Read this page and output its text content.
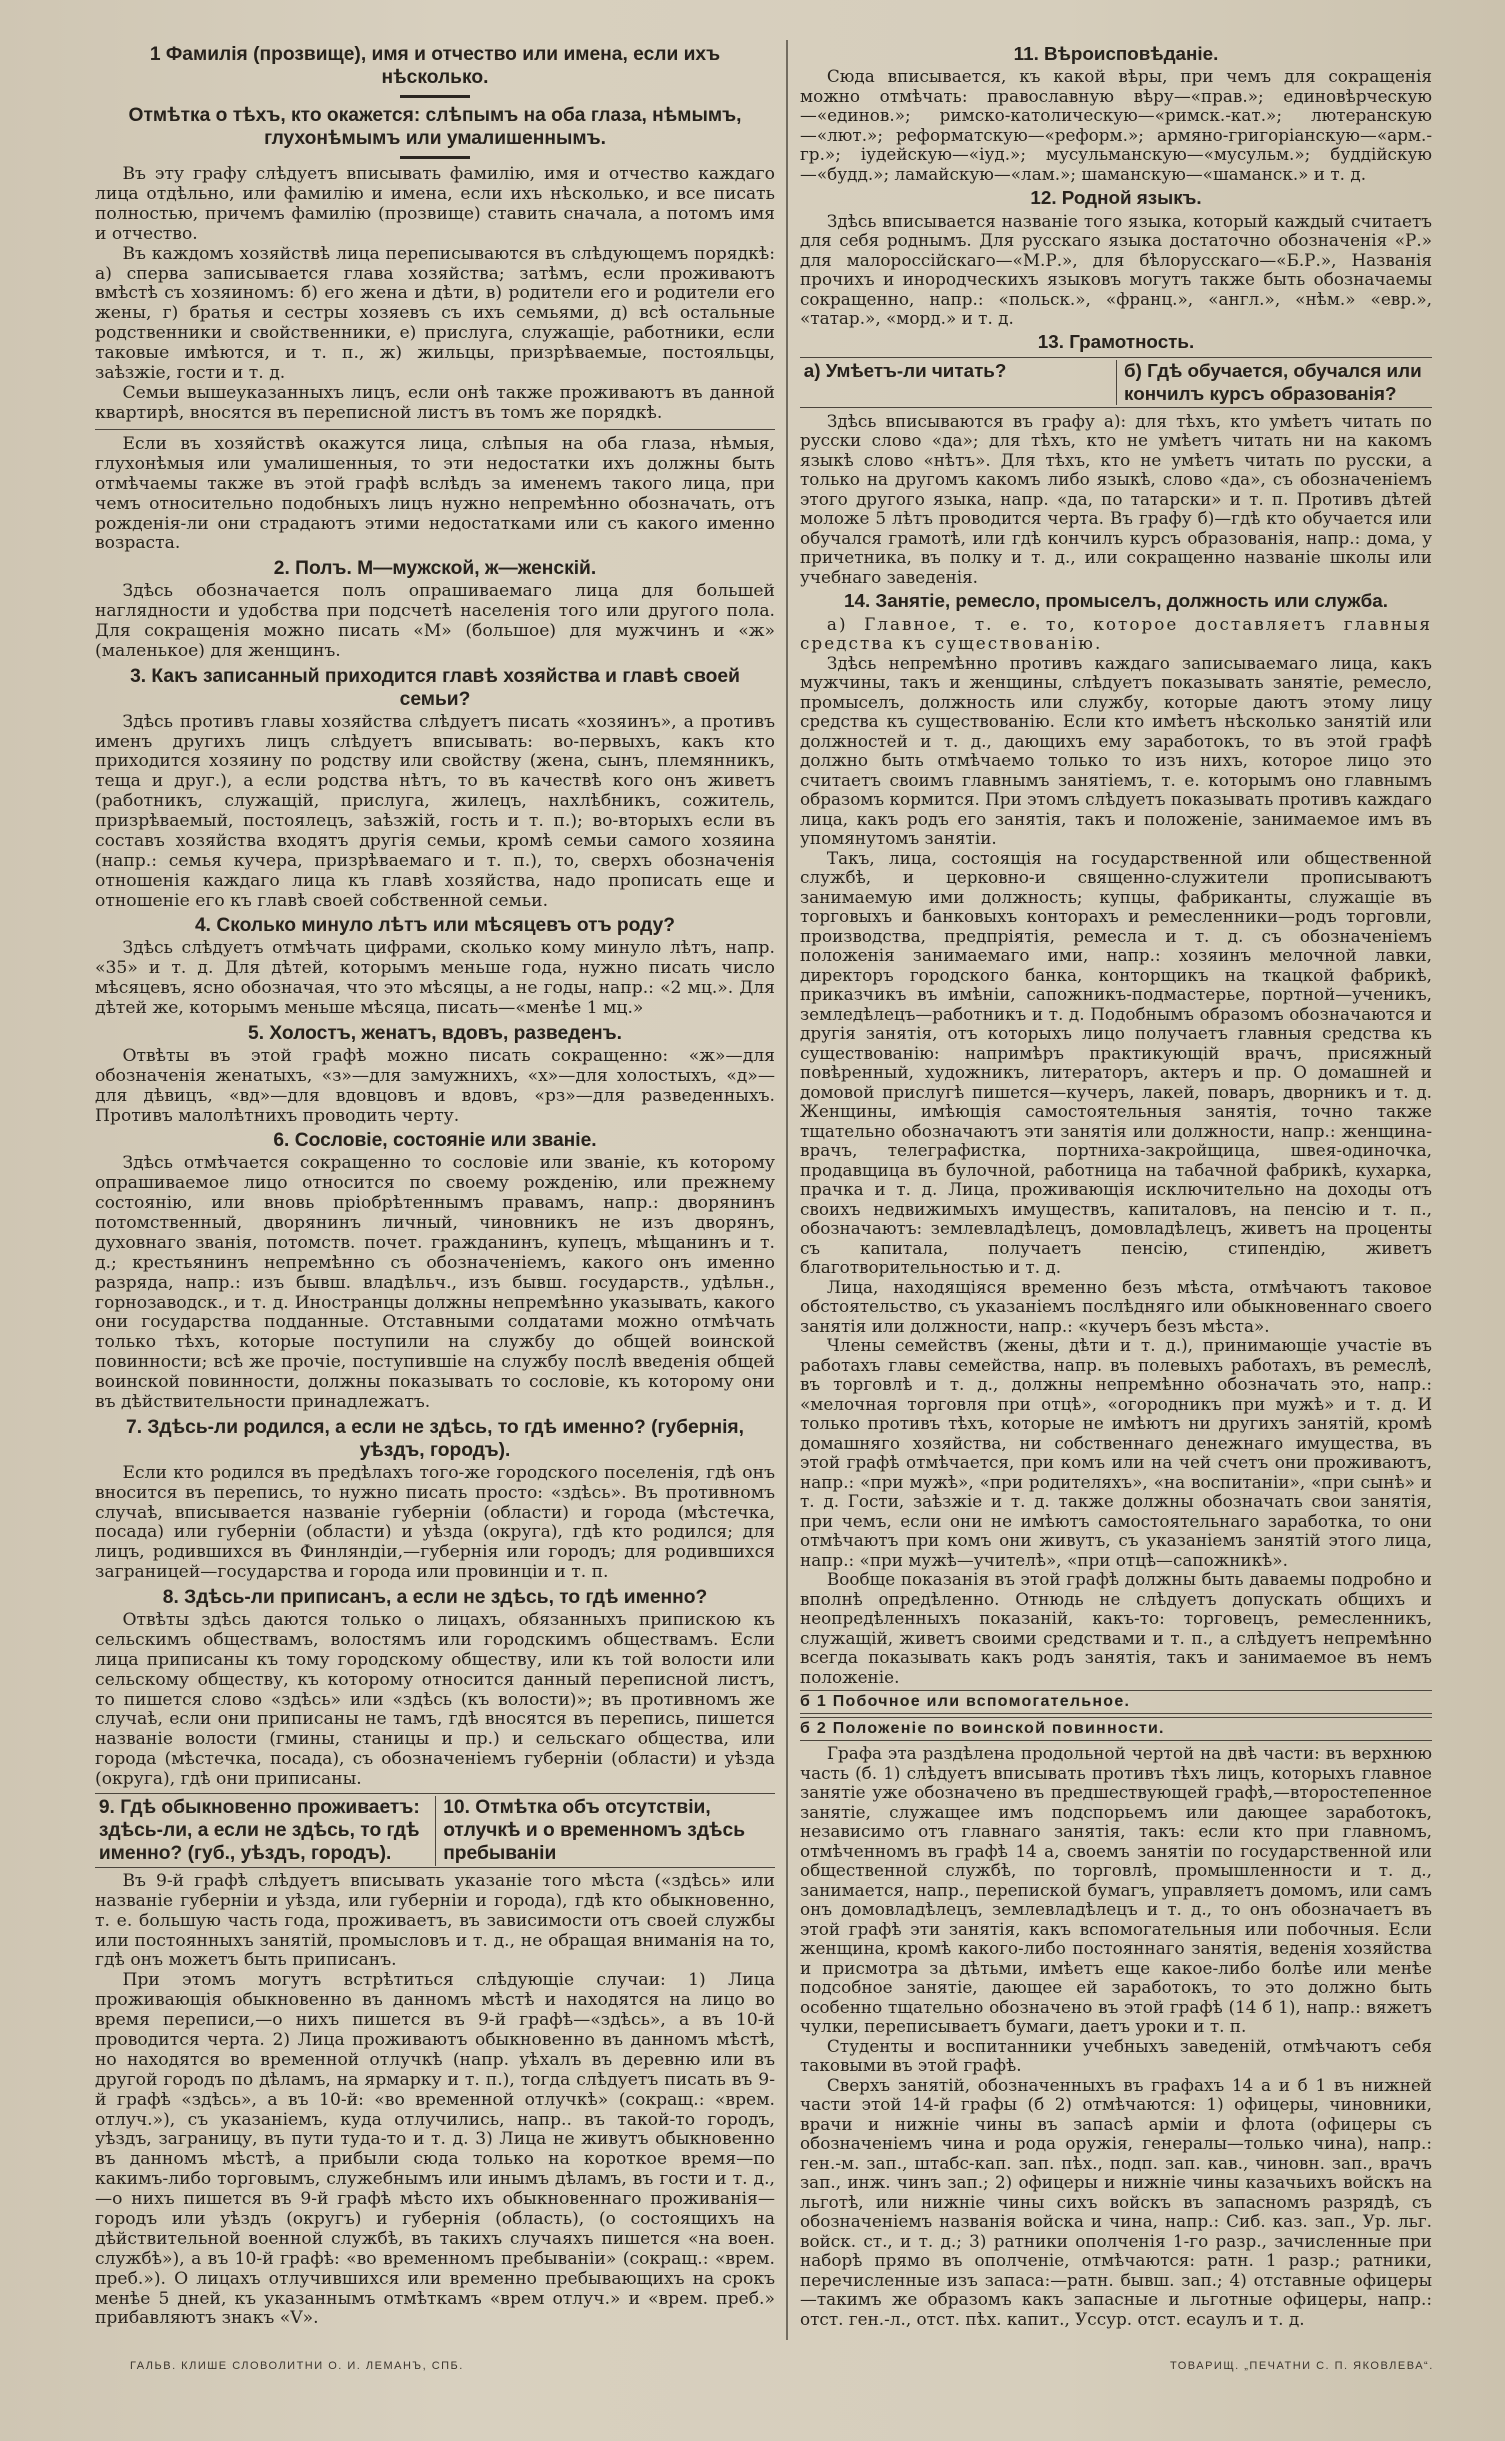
1 Фамилія (прозвище), имя и отчество или имена, если ихъ нѣсколько.
Отмѣтка о тѣхъ, кто окажется: слѣпымъ на оба глаза, нѣмымъ, глухонѣмымъ или умалишеннымъ.

Въ эту графу слѣдуетъ вписывать фамилію, имя и отчество каждаго лица отдѣльно, или фамилію и имена, если ихъ нѣсколько, и все писать полностью, причемъ фамилію (прозвище) ставить сначала, а потомъ имя и отчество.

Въ каждомъ хозяйствѣ лица переписываются въ слѣдующемъ порядкѣ: а) сперва записывается глава хозяйства; затѣмъ, если проживаютъ вмѣстѣ съ хозяиномъ: б) его жена и дѣти, в) родители его и родители его жены, г) братья и сестры хозяевъ съ ихъ семьями, д) всѣ остальные родственники и свойственники, е) прислуга, служащіе, работники, если таковые имѣются, и т. п., ж) жильцы, призрѣваемые, постояльцы, заѣзжіе, гости и т. д.

Семьи вышеуказанныхъ лицъ, если онѣ также проживаютъ въ данной квартирѣ, вносятся въ переписной листъ въ томъ же порядкѣ.

Если въ хозяйствѣ окажутся лица, слѣпыя на оба глаза, нѣмыя, глухонѣмыя или умалишенныя, то эти недостатки ихъ должны быть отмѣчаемы также въ этой графѣ вслѣдъ за именемъ такого лица, при чемъ относительно подобныхъ лицъ нужно непремѣнно обозначать, отъ рожденія-ли они страдаютъ этими недостатками или съ какого именно возраста.

2. Полъ. М—мужской, ж—женскій.

Здѣсь обозначается полъ опрашиваемаго лица для большей наглядности и удобства при подсчетѣ населенія того или другого пола. Для сокращенія можно писать «М» (большое) для мужчинъ и «ж» (маленькое) для женщинъ.

3. Какъ записанный приходится главѣ хозяйства и главѣ своей семьи?

Здѣсь противъ главы хозяйства слѣдуетъ писать «хозяинъ», а противъ именъ другихъ лицъ слѣдуетъ вписывать: во-первыхъ, какъ кто приходится хозяину по родству или свойству (жена, сынъ, племянникъ, теща и друг.), а если родства нѣтъ, то въ качествѣ кого онъ живетъ (работникъ, служащій, прислуга, жилецъ, нахлѣбникъ, сожитель, призрѣваемый, постоялецъ, заѣзжій, гость и т. п.); во-вторыхъ если въ составъ хозяйства входятъ другія семьи, кромѣ семьи самого хозяина (напр.: семья кучера, призрѣваемаго и т. п.), то, сверхъ обозначенія отношенія каждаго лица къ главѣ хозяйства, надо прописать еще и отношеніе его къ главѣ своей собственной семьи.

4. Сколько минуло лѣтъ или мѣсяцевъ отъ роду?

Здѣсь слѣдуетъ отмѣчать цифрами, сколько кому минуло лѣтъ, напр. «35» и т. д. Для дѣтей, которымъ меньше года, нужно писать число мѣсяцевъ, ясно обозначая, что это мѣсяцы, а не годы, напр.: «2 мц.». Для дѣтей же, которымъ меньше мѣсяца, писать—«менѣе 1 мц.»

5. Холостъ, женатъ, вдовъ, разведенъ.

Отвѣты въ этой графѣ можно писать сокращенно: «ж»—для обозначенія женатыхъ, «з»—для замужнихъ, «х»—для холостыхъ, «д»—для дѣвицъ, «вд»—для вдовцовъ и вдовъ, «рз»—для разведенныхъ. Противъ малолѣтнихъ проводить черту.

6. Сословіе, состояніе или званіе.

Здѣсь отмѣчается сокращенно то сословіе или званіе, къ которому опрашиваемое лицо относится по своему рожденію, или прежнему состоянію, или вновь пріобрѣтеннымъ правамъ, напр.: дворянинъ потомственный, дворянинъ личный, чиновникъ не изъ дворянъ, духовнаго званія, потомств. почет. гражданинъ, купецъ, мѣщанинъ и т. д.; крестьянинъ непремѣнно съ обозначеніемъ, какого онъ именно разряда, напр.: изъ бывш. владѣльч., изъ бывш. государств., удѣльн., горнозаводск., и т. д. Иностранцы должны непремѣнно указывать, какого они государства подданные. Отставными солдатами можно отмѣчать только тѣхъ, которые поступили на службу до общей воинской повинности; всѣ же прочіе, поступившіе на службу послѣ введенія общей воинской повинности, должны показывать то сословіе, къ которому они въ дѣйствительности принадлежатъ.

7. Здѣсь-ли родился, а если не здѣсь, то гдѣ именно? (губернія, уѣздъ, городъ).

Если кто родился въ предѣлахъ того-же городского поселенія, гдѣ онъ вносится въ перепись, то нужно писать просто: «здѣсь». Въ противномъ случаѣ, вписывается названіе губерніи (области) и города (мѣстечка, посада) или губерніи (области) и уѣзда (округа), гдѣ кто родился; для лицъ, родившихся въ Финляндіи,—губернія или городъ; для родившихся заграницей—государства и города или провинціи и т. п.

8. Здѣсь-ли приписанъ, а если не здѣсь, то гдѣ именно?

Отвѣты здѣсь даются только о лицахъ, обязанныхъ припискою къ сельскимъ обществамъ, волостямъ или городскимъ обществамъ. Если лица приписаны къ тому городскому обществу, или къ той волости или сельскому обществу, къ которому относится данный переписной листъ, то пишется слово «здѣсь» или «здѣсь (къ волости)»; въ противномъ же случаѣ, если они приписаны не тамъ, гдѣ вносятся въ перепись, пишется названіе волости (гмины, станицы и пр.) и сельскаго общества, или города (мѣстечка, посада), съ обозначеніемъ губерніи (области) и уѣзда (округа), гдѣ они приписаны.

9. Гдѣ обыкновенно проживаетъ: здѣсь-ли, а если не здѣсь, то гдѣ именно? (губ., уѣздъ, городъ).
10. Отмѣтка объ отсутствіи, отлучкѣ и о временномъ здѣсь пребываніи

Въ 9-й графѣ слѣдуетъ вписывать указаніе того мѣста («здѣсь» или названіе губерніи и уѣзда, или губерніи и города), гдѣ кто обыкновенно, т. е. большую часть года, проживаетъ, въ зависимости отъ своей службы или постоянныхъ занятій, промысловъ и т. д., не обращая вниманія на то, гдѣ онъ можетъ быть приписанъ.

При этомъ могутъ встрѣтиться слѣдующіе случаи: 1) Лица проживающія обыкновенно въ данномъ мѣстѣ и находятся на лицо во время переписи,—о нихъ пишется въ 9-й графѣ—«здѣсь», а въ 10-й проводится черта. 2) Лица проживаютъ обыкновенно въ данномъ мѣстѣ, но находятся во временной отлучкѣ (напр. уѣхалъ въ деревню или въ другой городъ по дѣламъ, на ярмарку и т. п.), тогда слѣдуетъ писать въ 9-й графѣ «здѣсь», а въ 10-й: «во временной отлучкѣ» (сокращ.: «врем. отлуч.»), съ указаніемъ, куда отлучились, напр.. въ такой-то городъ, уѣздъ, заграницу, въ пути туда-то и т. д. 3) Лица не живутъ обыкновенно въ данномъ мѣстѣ, а прибыли сюда только на короткое время—по какимъ-либо торговымъ, служебнымъ или инымъ дѣламъ, въ гости и т. д.,—о нихъ пишется въ 9-й графѣ мѣсто ихъ обыкновеннаго проживанія—городъ или уѣздъ (округъ) и губернія (область), (о состоящихъ на дѣйствительной военной службѣ, въ такихъ случаяхъ пишется «на воен. службѣ»), а въ 10-й графѣ: «во временномъ пребываніи» (сокращ.: «врем. преб.»). О лицахъ отлучившихся или временно пребывающихъ на срокъ менѣе 5 дней, къ указаннымъ отмѣткамъ «врем отлуч.» и «врем. преб.» прибавляютъ знакъ «V».

11. Вѣроисповѣданіе.

Сюда вписывается, къ какой вѣры, при чемъ для сокращенія можно отмѣчать: православную вѣру—«прав.»; единовѣрческую—«единов.»; римско-католическую—«римск.-кат.»; лютеранскую—«лют.»; реформатскую—«реформ.»; армяно-григоріанскую—«арм.-гр.»; іудейскую—«іуд.»; мусульманскую—«мусульм.»; буддійскую—«будд.»; ламайскую—«лам.»; шаманскую—«шаманск.» и т. д.

12. Родной языкъ.

Здѣсь вписывается названіе того языка, который каждый считаетъ для себя роднымъ. Для русскаго языка достаточно обозначенія «Р.» для малороссійскаго—«М.Р.», для бѣлорусскаго—«Б.Р.», Названія прочихъ и инородческихъ языковъ могутъ также быть обозначаемы сокращенно, напр.: «польск.», «франц.», «англ.», «нѣм.» «евр.», «татар.», «морд.» и т. д.

13. Грамотность.
а) Умѣетъ-ли читать?	б) Гдѣ обучается, обучался или кончилъ курсъ образованія?

Здѣсь вписываются въ графу а): для тѣхъ, кто умѣетъ читать по русски слово «да»; для тѣхъ, кто не умѣетъ читать ни на какомъ языкѣ слово «нѣтъ». Для тѣхъ, кто не умѣетъ читать по русски, а только на другомъ какомъ либо языкѣ, слово «да», съ обозначеніемъ этого другого языка, напр. «да, по татарски» и т. п. Противъ дѣтей моложе 5 лѣтъ проводится черта. Въ графу б)—гдѣ кто обучается или обучался грамотѣ, или гдѣ кончилъ курсъ образованія, напр.: дома, у причетника, въ полку и т. д., или сокращенно названіе школы или учебнаго заведенія.

14. Занятіе, ремесло, промыселъ, должность или служба.

а) Главное, т. е. то, которое доставляетъ главныя средства къ существованію.

Здѣсь непремѣнно противъ каждаго записываемаго лица, какъ мужчины, такъ и женщины, слѣдуетъ показывать занятіе, ремесло, промыселъ, должность или службу, которые даютъ этому лицу средства къ существованію. Если кто имѣетъ нѣсколько занятій или должностей и т. д., дающихъ ему заработокъ, то въ этой графѣ должно быть отмѣчаемо только то изъ нихъ, которое лицо это считаетъ своимъ главнымъ занятіемъ, т. е. которымъ оно главнымъ образомъ кормится. При этомъ слѣдуетъ показывать противъ каждаго лица, какъ родъ его занятія, такъ и положеніе, занимаемое имъ въ упомянутомъ занятіи.

Такъ, лица, состоящія на государственной или общественной службѣ, и церковно-и священно-служители прописываютъ занимаемую ими должность; купцы, фабриканты, служащіе въ торговыхъ и банковыхъ конторахъ и ремесленники—родъ торговли, производства, предпріятія, ремесла и т. д. съ обозначеніемъ положенія занимаемаго ими, напр.: хозяинъ мелочной лавки, директоръ городского банка, конторщикъ на ткацкой фабрикѣ, приказчикъ въ имѣніи, сапожникъ-подмастерье, портной—ученикъ, земледѣлецъ—работникъ и т. д. Подобнымъ образомъ обозначаются и другія занятія, отъ которыхъ лицо получаетъ главныя средства къ существованію: напримѣръ практикующій врачъ, присяжный повѣренный, художникъ, литераторъ, актеръ и пр. О домашней и домовой прислугѣ пишется—кучеръ, лакей, поваръ, дворникъ и т. д. Женщины, имѣющія самостоятельныя занятія, точно также тщательно обозначаютъ эти занятія или должности, напр.: женщина-врачъ, телеграфистка, портниха-закройщица, швея-одиночка, продавщица въ булочной, работница на табачной фабрикѣ, кухарка, прачка и т. д. Лица, проживающія исключительно на доходы отъ своихъ недвижимыхъ имуществъ, капиталовъ, на пенсію и т. п., обозначаютъ: землевладѣлецъ, домовладѣлецъ, живетъ на проценты съ капитала, получаетъ пенсію, стипендію, живетъ благотворительностью и т. д.

Лица, находящіяся временно безъ мѣста, отмѣчаютъ таковое обстоятельство, съ указаніемъ послѣдняго или обыкновеннаго своего занятія или должности, напр.: «кучеръ безъ мѣста».

Члены семействъ (жены, дѣти и т. д.), принимающіе участіе въ работахъ главы семейства, напр. въ полевыхъ работахъ, въ ремеслѣ, въ торговлѣ и т. д., должны непремѣнно обозначать это, напр.: «мелочная торговля при отцѣ», «огородникъ при мужѣ» и т. д. И только противъ тѣхъ, которые не имѣютъ ни другихъ занятій, кромѣ домашняго хозяйства, ни собственнаго денежнаго имущества, въ этой графѣ отмѣчается, при комъ или на чей счетъ они проживаютъ, напр.: «при мужѣ», «при родителяхъ», «на воспитаніи», «при сынѣ» и т. д. Гости, заѣзжіе и т. д. также должны обозначать свои занятія, при чемъ, если они не имѣютъ самостоятельнаго заработка, то они отмѣчаютъ при комъ они живутъ, съ указаніемъ занятій этого лица, напр.: «при мужѣ—учителѣ», «при отцѣ—сапожникѣ».

Вообще показанія въ этой графѣ должны быть даваемы подробно и вполнѣ опредѣленно. Отнюдь не слѣдуетъ допускать общихъ и неопредѣленныхъ показаній, какъ-то: торговецъ, ремесленникъ, служащій, живетъ своими средствами и т. п., а слѣдуетъ непремѣнно всегда показывать какъ родъ занятія, такъ и занимаемое въ немъ положеніе.

б 1 Побочное или вспомогательное.

б 2 Положеніе по воинской повинности.

Графа эта раздѣлена продольной чертой на двѣ части: въ верхнюю часть (б. 1) слѣдуетъ вписывать противъ тѣхъ лицъ, которыхъ главное занятіе уже обозначено въ предшествующей графѣ,—второстепенное занятіе, служащее имъ подспорьемъ или дающее заработокъ, независимо отъ главнаго занятія, такъ: если кто при главномъ, отмѣченномъ въ графѣ 14 а, своемъ занятіи по государственной или общественной службѣ, по торговлѣ, промышленности и т. д., занимается, напр., перепиской бумагъ, управляетъ домомъ, или самъ онъ домовладѣлецъ, землевладѣлецъ и т. д., то онъ обозначаетъ въ этой графѣ эти занятія, какъ вспомогательныя или побочныя. Если женщина, кромѣ какого-либо постояннаго занятія, веденія хозяйства и присмотра за дѣтьми, имѣетъ еще какое-либо болѣе или менѣе подсобное занятіе, дающее ей заработокъ, то это должно быть особенно тщательно обозначено въ этой графѣ (14 б 1), напр.: вяжетъ чулки, переписываетъ бумаги, даетъ уроки и т. п.

Студенты и воспитанники учебныхъ заведеній, отмѣчаютъ себя таковыми въ этой графѣ.

Сверхъ занятій, обозначенныхъ въ графахъ 14 а и б 1 въ нижней части этой 14-й графы (б 2) отмѣчаются: 1) офицеры, чиновники, врачи и нижніе чины въ запасѣ арміи и флота (офицеры съ обозначеніемъ чина и рода оружія, генералы—только чина), напр.: ген.-м. зап., штабс-кап. зап. пѣх., подп. зап. кав., чиновн. зап., врачъ зап., инж. чинъ зап.; 2) офицеры и нижніе чины казачьихъ войскъ на льготѣ, или нижніе чины сихъ войскъ въ запасномъ разрядѣ, съ обозначеніемъ названія войска и чина, напр.: Сиб. каз. зап., Ур. льг. войск. ст., и т. д.; 3) ратники ополченія 1-го разр., зачисленные при наборѣ прямо въ ополченіе, отмѣчаются: ратн. 1 разр.; ратники, перечисленные изъ запаса:—ратн. бывш. зап.; 4) отставные офицеры—такимъ же образомъ какъ запасные и льготные офицеры, напр.: отст. ген.-л., отст. пѣх. капит., Уссур. отст. есаулъ и т. д.

ГАЛЬВ. КЛИШЕ СЛОВОЛИТНИ О. И. ЛЕМАНЪ, СПБ.	ТОВАРИЩ. „ПЕЧАТНИ С. П. ЯКОВЛЕВА“.
